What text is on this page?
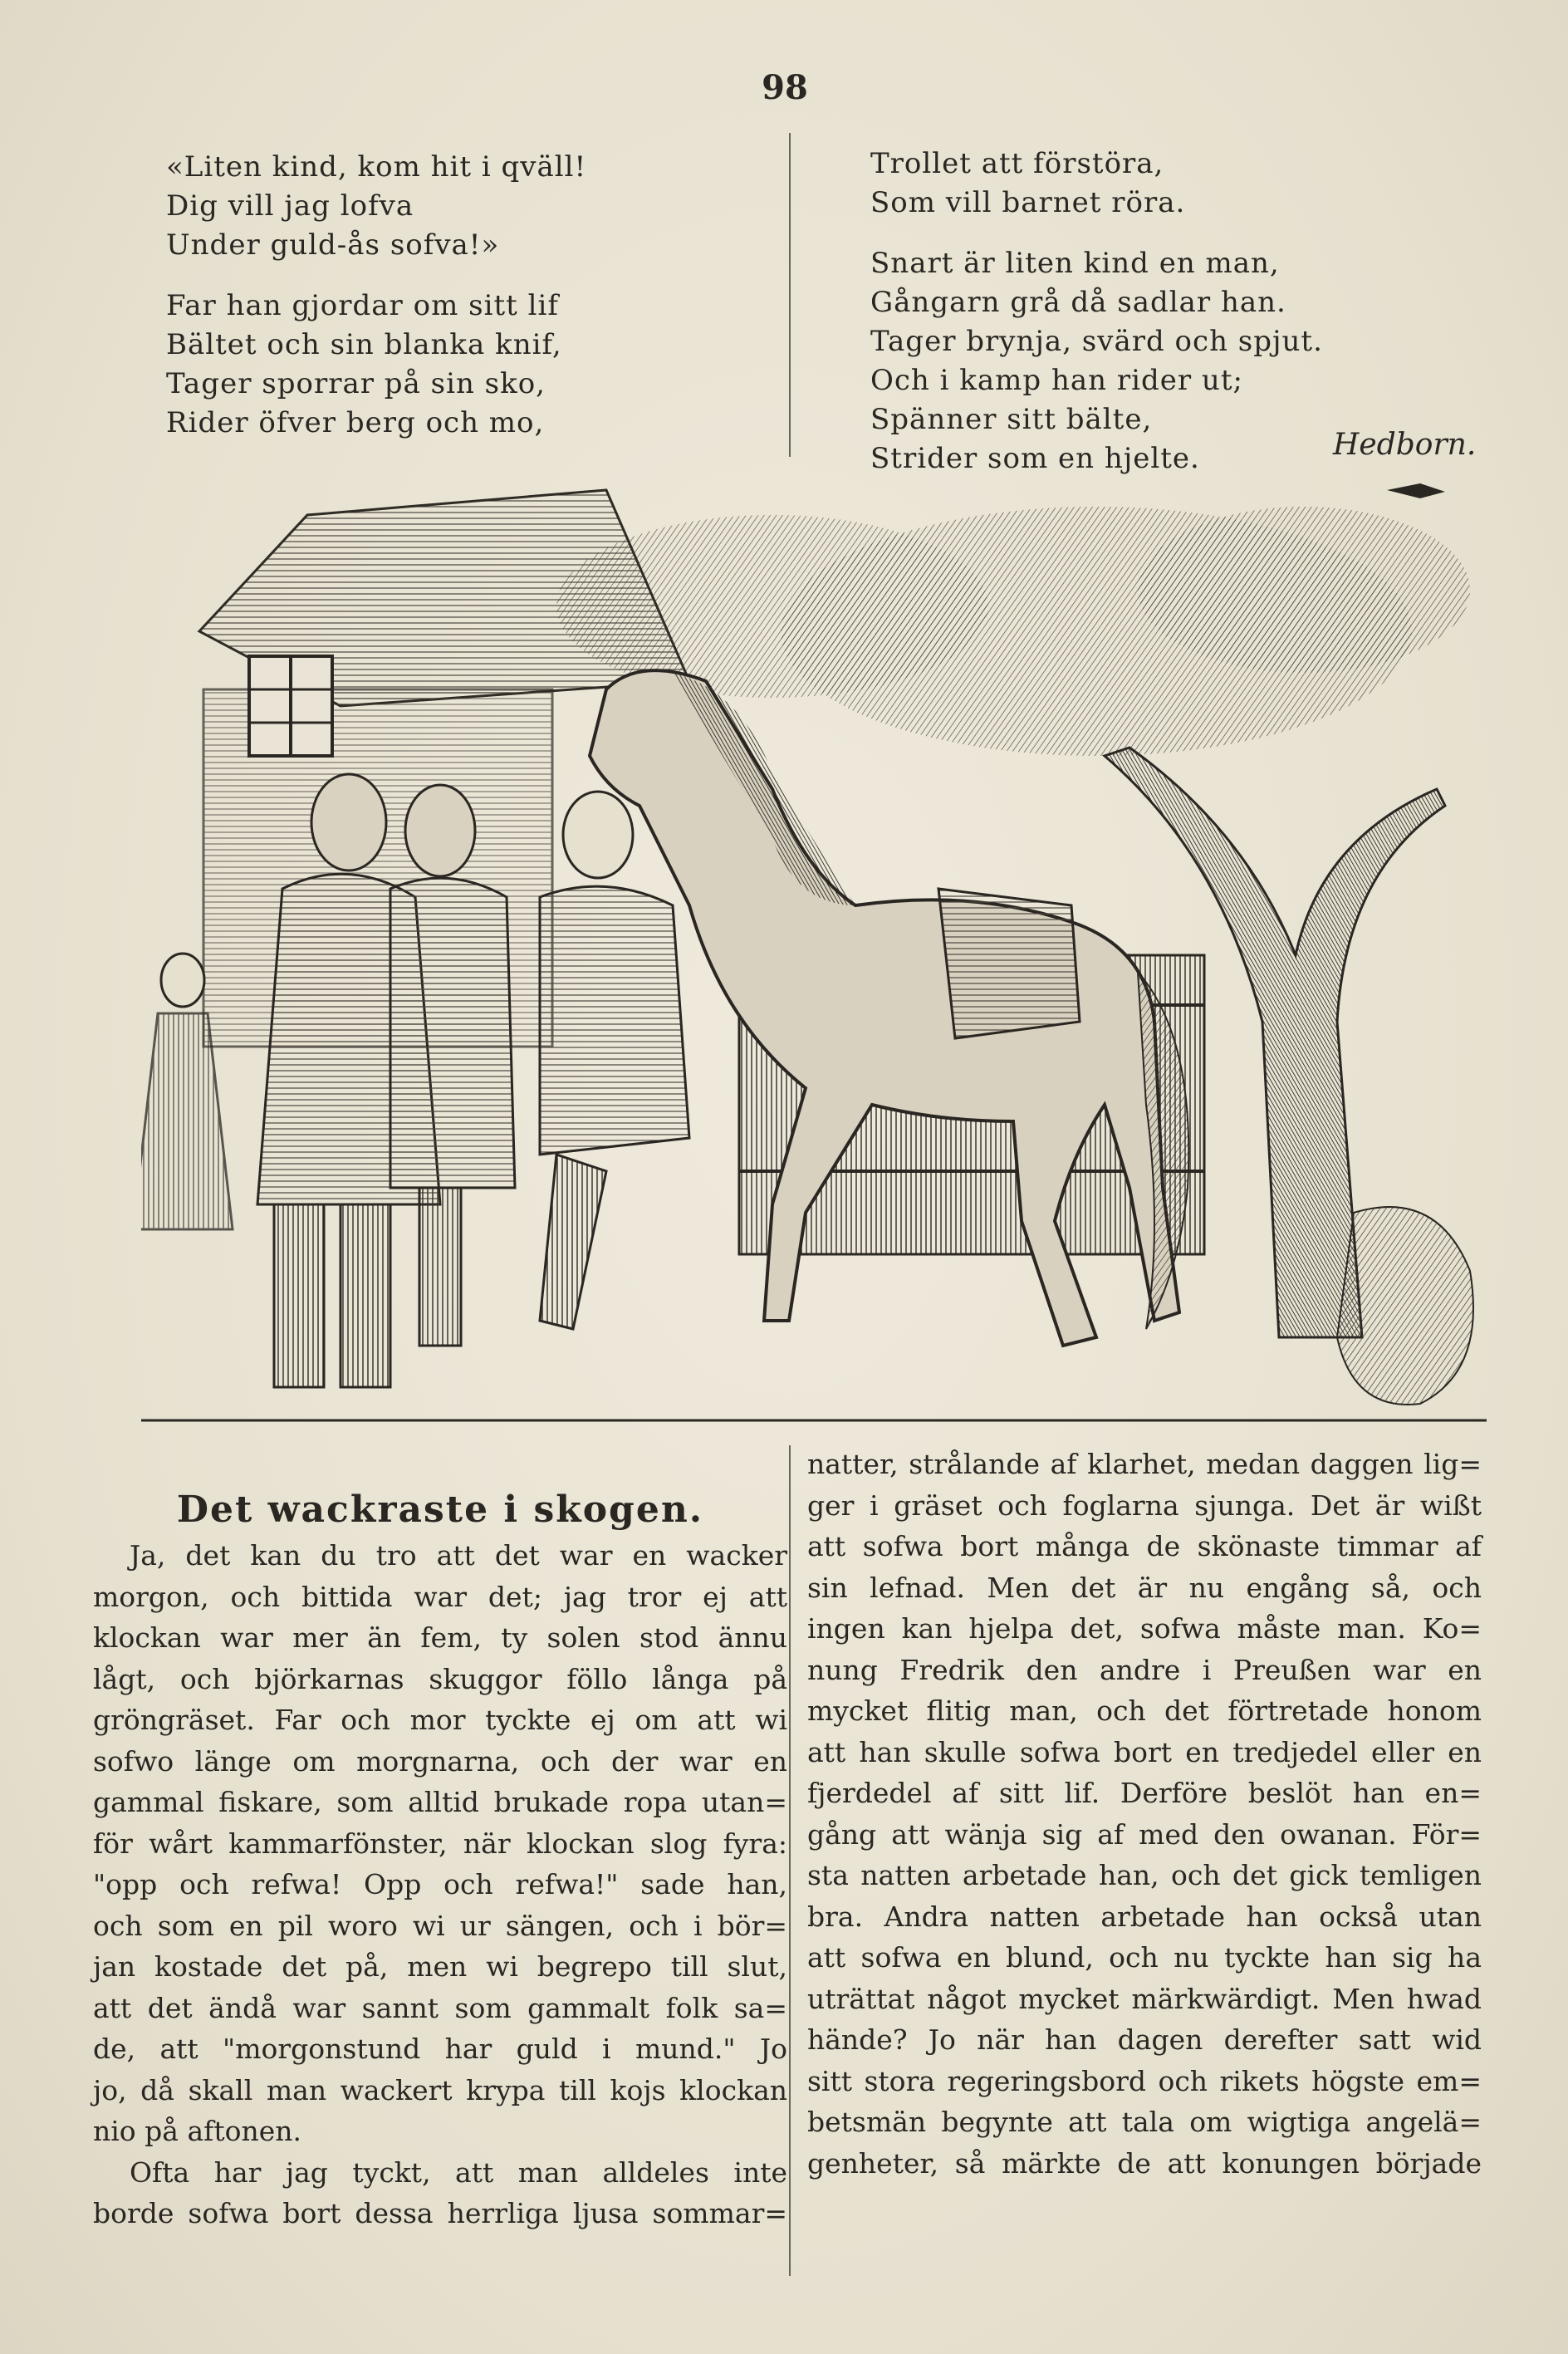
98
«Liten kind, kom hit i qväll!
Dig vill jag lofva
Under guld-ås sofva!»
Far han gjordar om sitt lif
Bältet och sin blanka knif,
Tager sporrar på sin sko,
Rider öfver berg och mo,
Trollet att förstöra,
Som vill barnet röra.
Snart är liten kind en man,
Gångarn grå då sadlar han.
Tager brynja, svärd och spjut.
Och i kamp han rider ut;
Spänner sitt bälte,
Strider som en hjelte.	Hedborn.
Det wackraste i skogen.
Ja, det kan du tro att det war en wacker
morgon, och bittida war det; jag tror ej att
klockan war mer än fem, ty solen stod ännu
lågt, och björkarnas skuggor föllo långa på
gröngräset. Far och mor tyckte ej om att wi
sofwo länge om morgnarna, och der war en
gammal fiskare, som alltid brukade ropa utan=
för wårt kammarfönster, när klockan slog fyra:
"opp och refwa! Opp och refwa!" sade han,
och som en pil woro wi ur sängen, och i bör=
jan kostade det på, men wi begrepo till slut,
att det ändå war sannt som gammalt folk sa=
de, att "morgonstund har guld i mund." Jo
jo, då skall man wackert krypa till kojs klockan
nio på aftonen.
Ofta har jag tyckt, att man alldeles inte
borde sofwa bort dessa herrliga ljusa sommar=
natter, strålande af klarhet, medan daggen lig=
ger i gräset och foglarna sjunga. Det är wißt
att sofwa bort många de skönaste timmar af
sin lefnad. Men det är nu engång så, och
ingen kan hjelpa det, sofwa måste man. Ko=
nung Fredrik den andre i Preußen war en
mycket flitig man, och det förtretade honom
att han skulle sofwa bort en tredjedel eller en
fjerdedel af sitt lif. Derföre beslöt han en=
gång att wänja sig af med den owanan. För=
sta natten arbetade han, och det gick temligen
bra. Andra natten arbetade han också utan
att sofwa en blund, och nu tyckte han sig ha
uträttat något mycket märkwärdigt. Men hwad
hände? Jo när han dagen derefter satt wid
sitt stora regeringsbord och rikets högste em=
betsmän begynte att tala om wigtiga angelä=
genheter, så märkte de att konungen började
